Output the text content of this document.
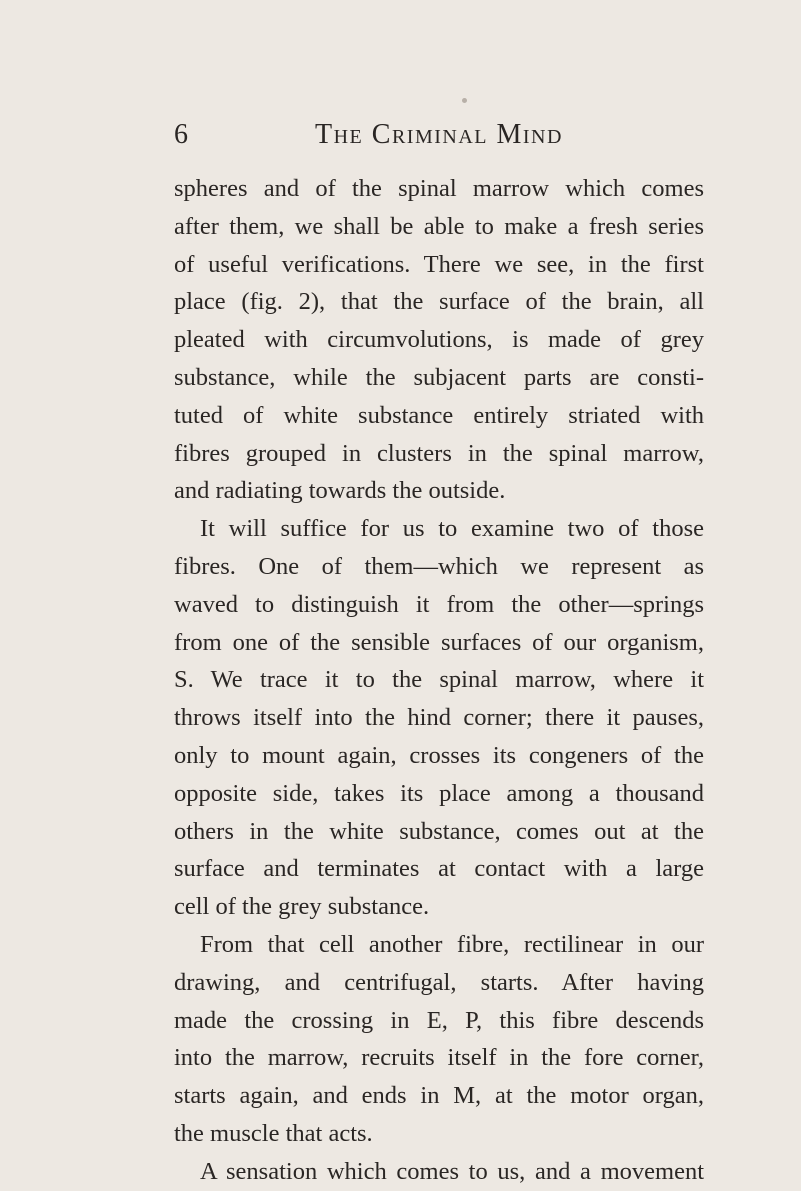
6	The Criminal Mind
spheres and of the spinal marrow which comes
after them, we shall be able to make a fresh series
of useful verifications. There we see, in the first
place (fig. 2), that the surface of the brain, all
pleated with circumvolutions, is made of grey
substance, while the subjacent parts are consti-
tuted of white substance entirely striated with
fibres grouped in clusters in the spinal marrow,
and radiating towards the outside.
It will suffice for us to examine two of those
fibres. One of them—which we represent as
waved to distinguish it from the other—springs
from one of the sensible surfaces of our organism,
S. We trace it to the spinal marrow, where it
throws itself into the hind corner; there it pauses,
only to mount again, crosses its congeners of the
opposite side, takes its place among a thousand
others in the white substance, comes out at the
surface and terminates at contact with a large
cell of the grey substance.
From that cell another fibre, rectilinear in our
drawing, and centrifugal, starts. After having
made the crossing in E, P, this fibre descends
into the marrow, recruits itself in the fore corner,
starts again, and ends in M, at the motor organ,
the muscle that acts.
A sensation which comes to us, and a movement
